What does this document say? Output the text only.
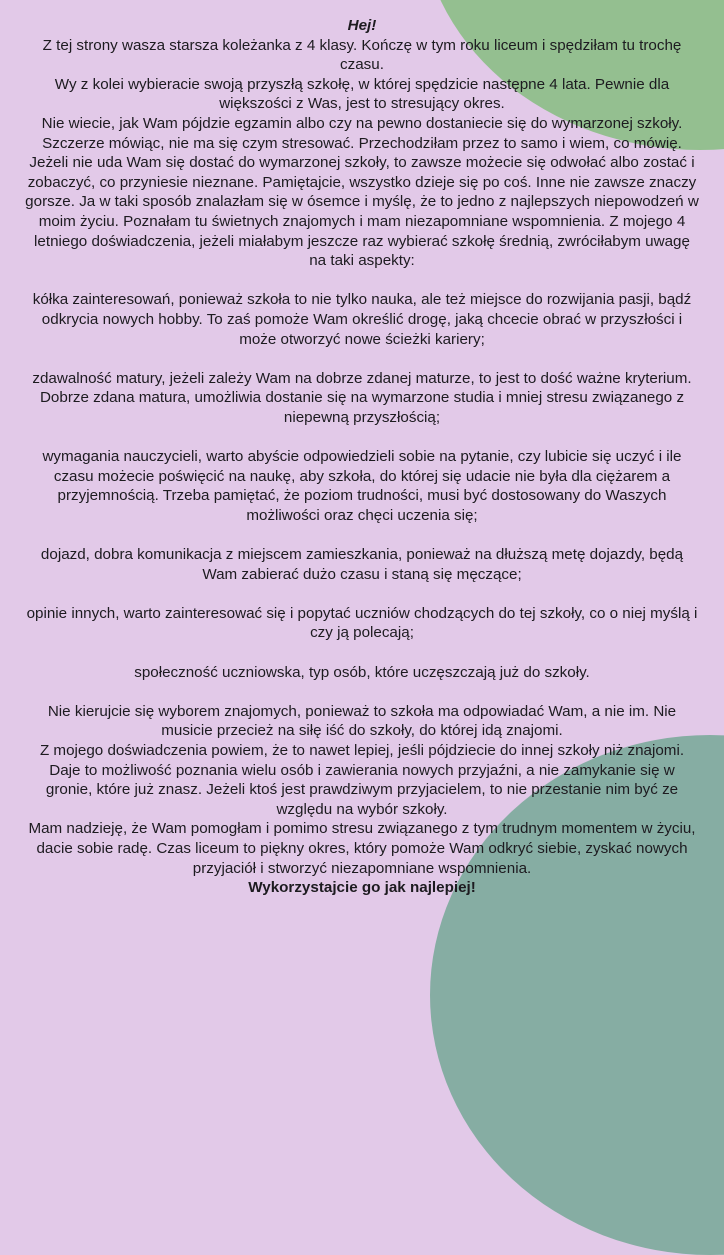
Hej!

Z tej strony wasza starsza koleżanka z 4 klasy. Kończę w tym roku liceum i spędziłam tu trochę czasu.

Wy z kolei wybieracie swoją przyszłą szkołę, w której spędzicie następne 4 lata. Pewnie dla większości z Was, jest to stresujący okres.

Nie wiecie, jak Wam pójdzie egzamin albo czy na pewno dostaniecie się do wymarzonej szkoły. Szczerze mówiąc, nie ma się czym stresować. Przechodziłam przez to samo i wiem, co mówię. Jeżeli nie uda Wam się dostać do wymarzonej szkoły, to zawsze możecie się odwołać albo zostać i zobaczyć, co przyniesie nieznane. Pamiętajcie, wszystko dzieje się po coś. Inne nie zawsze znaczy gorsze. Ja w taki sposób znalazłam się w ósemce i myślę, że to jedno z najlepszych niepowodzeń w moim życiu. Poznałam tu świetnych znajomych i mam niezapomniane wspomnienia. Z mojego 4 letniego doświadczenia, jeżeli miałabym jeszcze raz wybierać szkołę średnią, zwróciłabym uwagę na taki aspekty:

kółka zainteresowań, ponieważ szkoła to nie tylko nauka, ale też miejsce do rozwijania pasji, bądź odkrycia nowych hobby. To zaś pomoże Wam określić drogę, jaką chcecie obrać w przyszłości i może otworzyć nowe ścieżki kariery;

zdawalność matury, jeżeli zależy Wam na dobrze zdanej maturze, to jest to dość ważne kryterium. Dobrze zdana matura, umożliwia dostanie się na wymarzone studia i mniej stresu związanego z niepewną przyszłością;

wymagania nauczycieli, warto abyście odpowiedzieli sobie na pytanie, czy lubicie się uczyć i ile czasu możecie poświęcić na naukę, aby szkoła, do której się udacie nie była dla ciężarem a przyjemnością. Trzeba pamiętać, że poziom trudności, musi być dostosowany do Waszych możliwości oraz chęci uczenia się;

dojazd, dobra komunikacja z miejscem zamieszkania, ponieważ na dłuższą metę dojazdy, będą Wam zabierać dużo czasu i staną się męczące;

opinie innych, warto zainteresować się i popytać uczniów chodzących do tej szkoły, co o niej myślą i czy ją polecają;

społeczność uczniowska, typ osób, które uczęszczają już do szkoły.

Nie kierujcie się wyborem znajomych, ponieważ to szkoła ma odpowiadać Wam, a nie im. Nie musicie przecież na siłę iść do szkoły, do której idą znajomi.

Z mojego doświadczenia powiem, że to nawet lepiej, jeśli pójdziecie do innej szkoły niż znajomi. Daje to możliwość poznania wielu osób i zawierania nowych przyjaźni, a nie zamykanie się w gronie, które już znasz. Jeżeli ktoś jest prawdziwym przyjacielem, to nie przestanie nim być ze względu na wybór szkoły.

Mam nadzieję, że Wam pomogłam i pomimo stresu związanego z tym trudnym momentem w życiu, dacie sobie radę. Czas liceum to piękny okres, który pomoże Wam odkryć siebie, zyskać nowych przyjaciół i stworzyć niezapomniane wspomnienia.

Wykorzystajcie go jak najlepiej!
